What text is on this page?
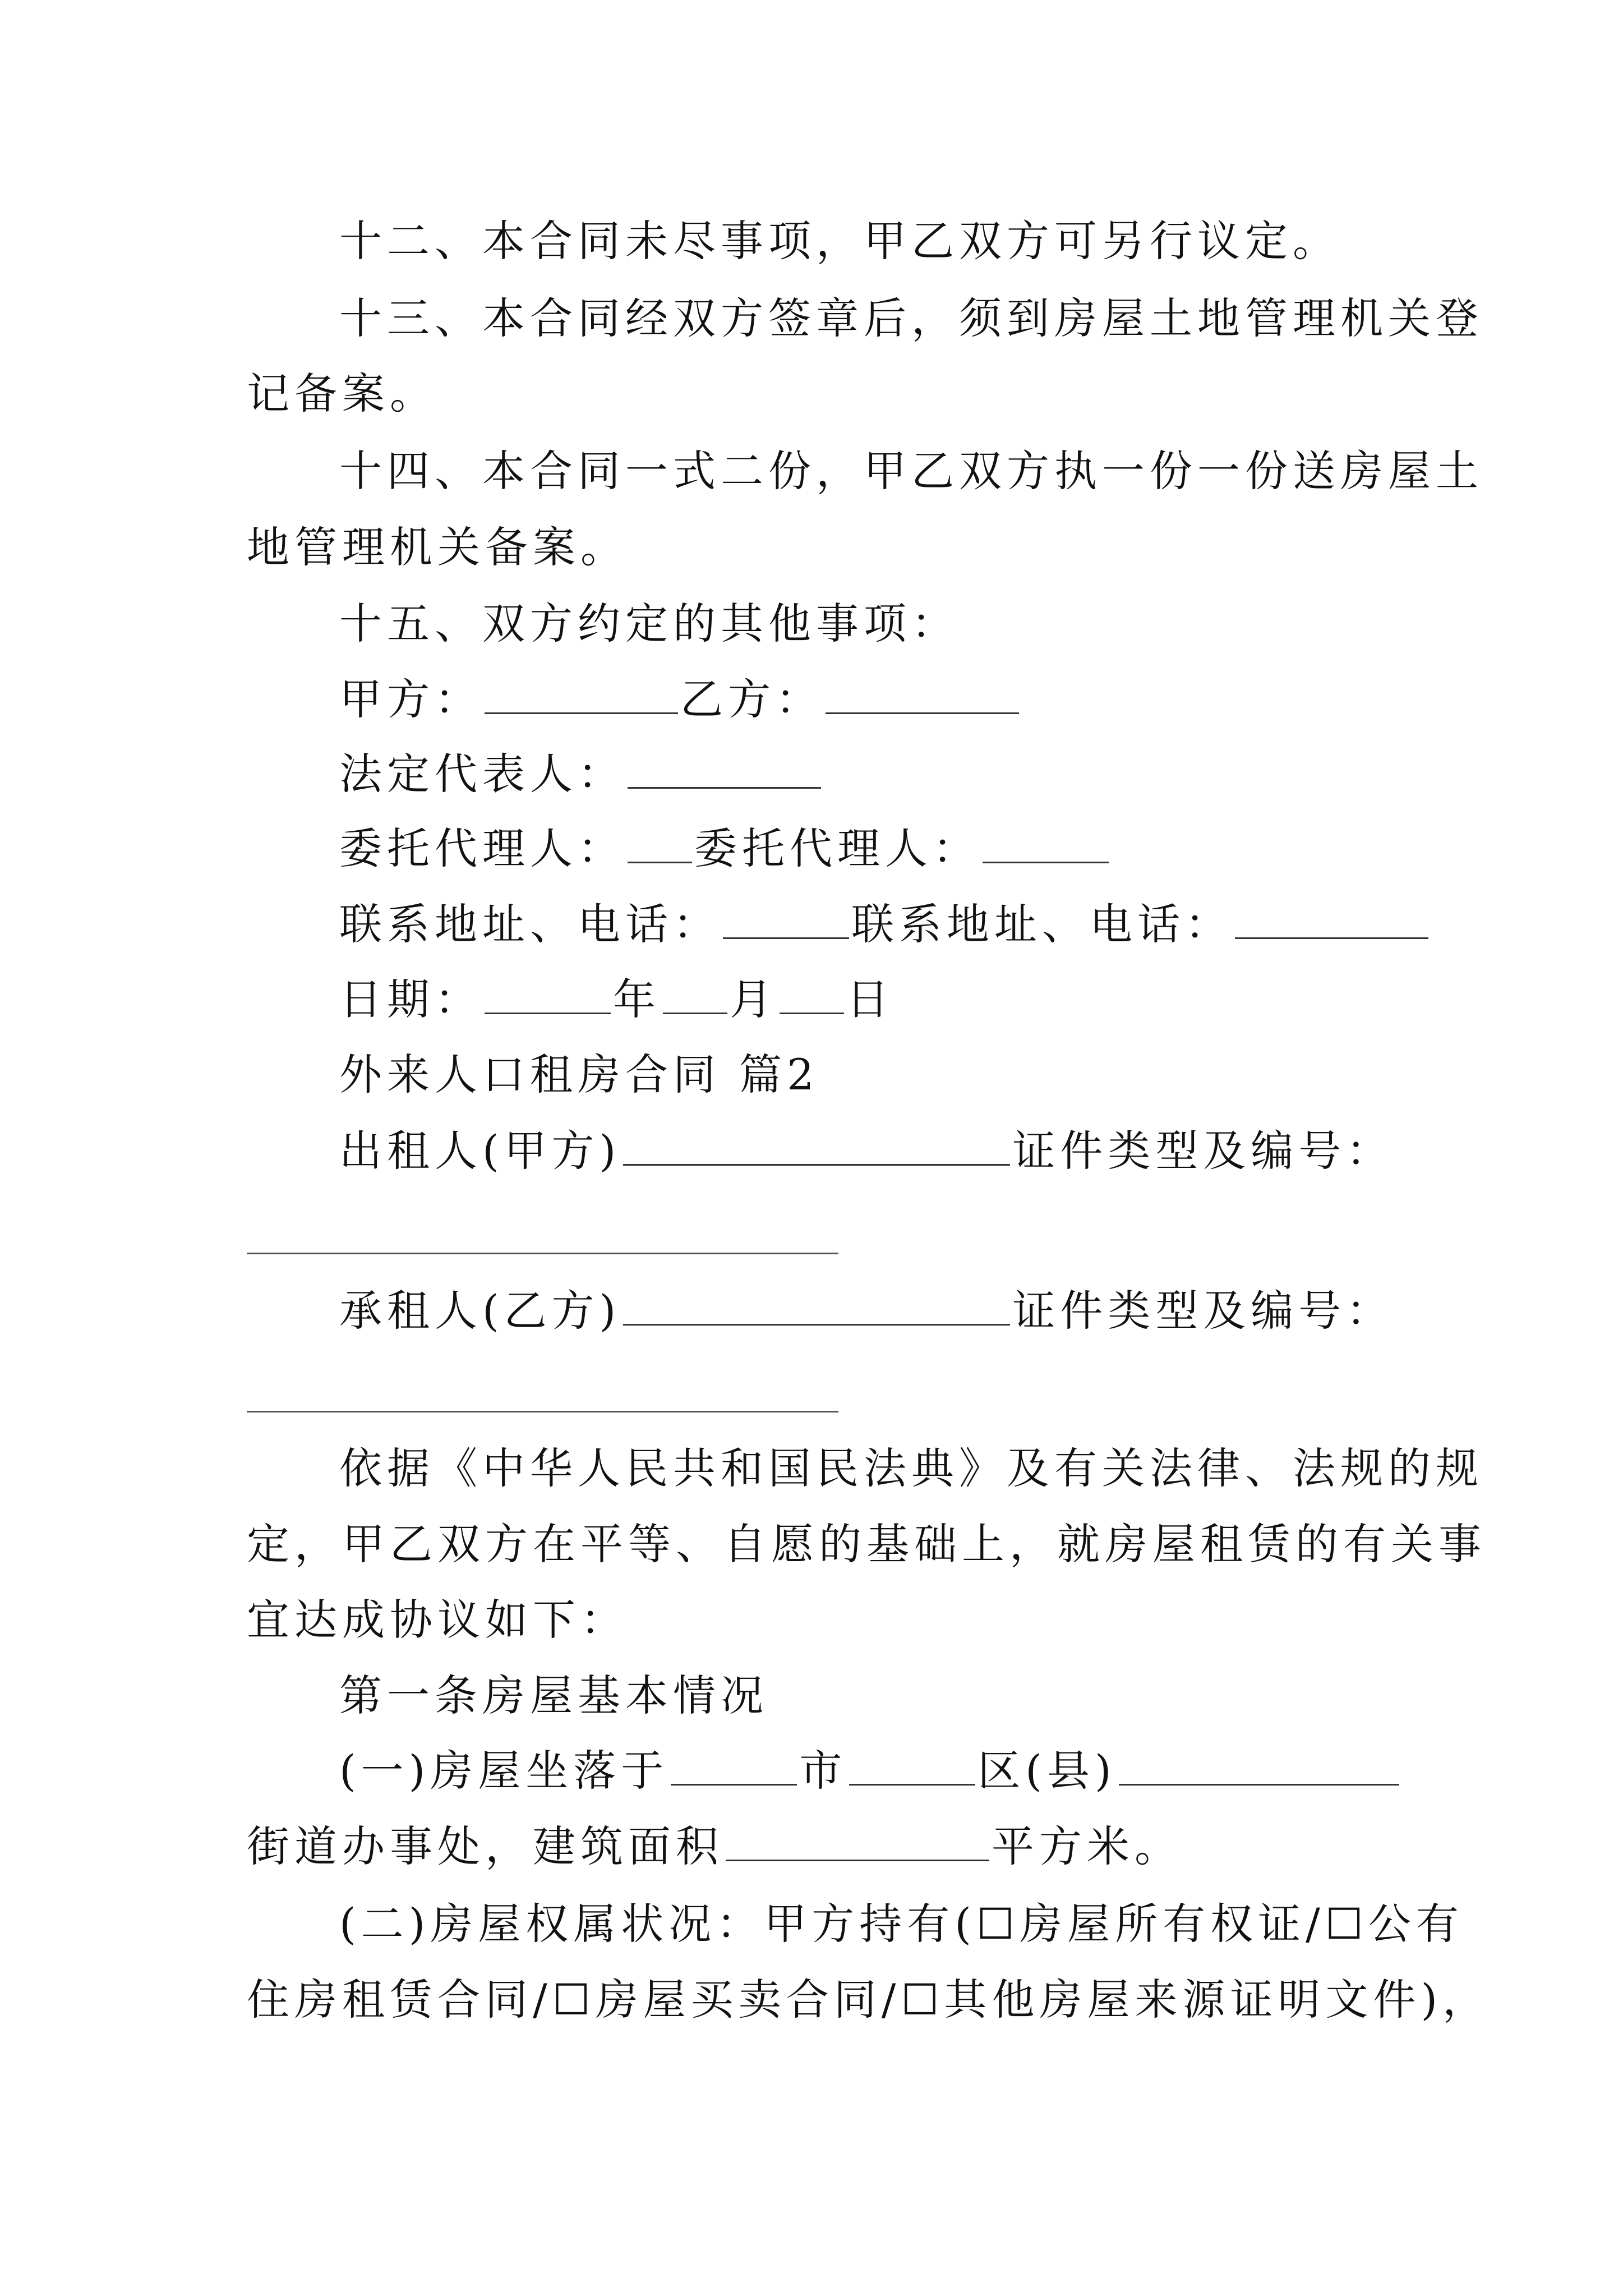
十二、本合同未尽事项，甲乙双方可另行议定。
十三、本合同经双方签章后，须到房屋土地管理机关登
记备案。
十四、本合同一式二份，甲乙双方执一份一份送房屋土
地管理机关备案。
十五、双方约定的其他事项：
甲方：	乙方：
法定代表人：
委托代理人： 委托代理人：
联系地址、电话：	联系地址、电话：
日期：	年 月 日
外来人口租房合同 篇2
出租人(甲方)	证件类型及编号：
承租人(乙方)	证件类型及编号：
依据《中华人民共和国民法典》及有关法律、法规的规
定，甲乙双方在平等、自愿的基础上，就房屋租赁的有关事
宜达成协议如下：
第一条房屋基本情况
(一)房屋坐落于	市	区(县)
街道办事处，建筑面积	平方米。
(二)房屋权属状况：甲方持有(☐房屋所有权证/☐公有
住房租赁合同/☐房屋买卖合同/☐其他房屋来源证明文件)，
